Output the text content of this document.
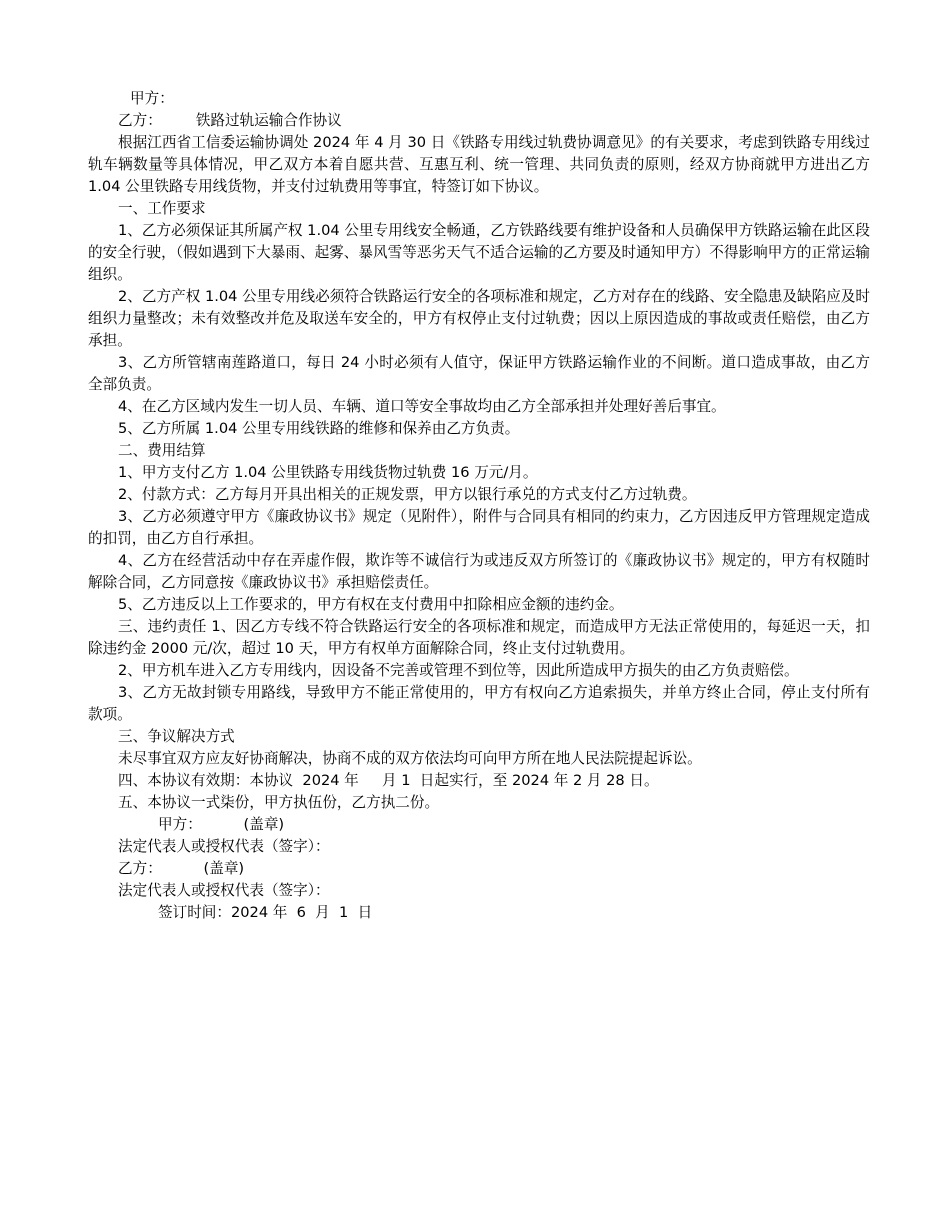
甲方：
乙方： 铁路过轨运输合作协议

根据江西省工信委运输协调处 2024 年 4 月 30 日《铁路专用线过轨费协调意见》的有关要求，考虑到铁路专用线过轨车辆数量等具体情况，甲乙双方本着自愿共营、互惠互利、统一管理、共同负责的原则，经双方协商就甲方进出乙方 1.04 公里铁路专用线货物，并支付过轨费用等事宜，特签订如下协议。

一、工作要求

1、乙方必须保证其所属产权 1.04 公里专用线安全畅通，乙方铁路线要有维护设备和人员确保甲方铁路运输在此区段的安全行驶，（假如遇到下大暴雨、起雾、暴风雪等恶劣天气不适合运输的乙方要及时通知甲方）不得影响甲方的正常运输组织。

2、乙方产权 1.04 公里专用线必须符合铁路运行安全的各项标准和规定，乙方对存在的线路、安全隐患及缺陷应及时组织力量整改；未有效整改并危及取送车安全的，甲方有权停止支付过轨费；因以上原因造成的事故或责任赔偿，由乙方承担。

3、乙方所管辖南莲路道口，每日 24 小时必须有人值守，保证甲方铁路运输作业的不间断。道口造成事故，由乙方全部负责。

4、在乙方区域内发生一切人员、车辆、道口等安全事故均由乙方全部承担并处理好善后事宜。

5、乙方所属 1.04 公里专用线铁路的维修和保养由乙方负责。

二、费用结算

1、甲方支付乙方 1.04 公里铁路专用线货物过轨费 16 万元/月。

2、付款方式：乙方每月开具出相关的正规发票，甲方以银行承兑的方式支付乙方过轨费。

3、乙方必须遵守甲方《廉政协议书》规定（见附件），附件与合同具有相同的约束力，乙方因违反甲方管理规定造成的扣罚，由乙方自行承担。

4、乙方在经营活动中存在弄虚作假，欺诈等不诚信行为或违反双方所签订的《廉政协议书》规定的，甲方有权随时解除合同，乙方同意按《廉政协议书》承担赔偿责任。

5、乙方违反以上工作要求的，甲方有权在支付费用中扣除相应金额的违约金。

三、违约责任 1、因乙方专线不符合铁路运行安全的各项标准和规定，而造成甲方无法正常使用的，每延迟一天，扣除违约金 2000 元/次，超过 10 天，甲方有权单方面解除合同，终止支付过轨费用。

2、甲方机车进入乙方专用线内，因设备不完善或管理不到位等，因此所造成甲方损失的由乙方负责赔偿。

3、乙方无故封锁专用路线，导致甲方不能正常使用的，甲方有权向乙方追索损失，并单方终止合同，停止支付所有款项。

三、争议解决方式
未尽事宜双方应友好协商解决，协商不成的双方依法均可向甲方所在地人民法院提起诉讼。
四、本协议有效期：本协议  2024 年     月 1  日起实行，至 2024 年 2 月 28 日。
五、本协议一式柒份，甲方执伍份，乙方执二份。
甲方：         (盖章)
法定代表人或授权代表（签字）：
乙方：         (盖章)
法定代表人或授权代表（签字）：
签订时间：2024 年  6  月  1  日
